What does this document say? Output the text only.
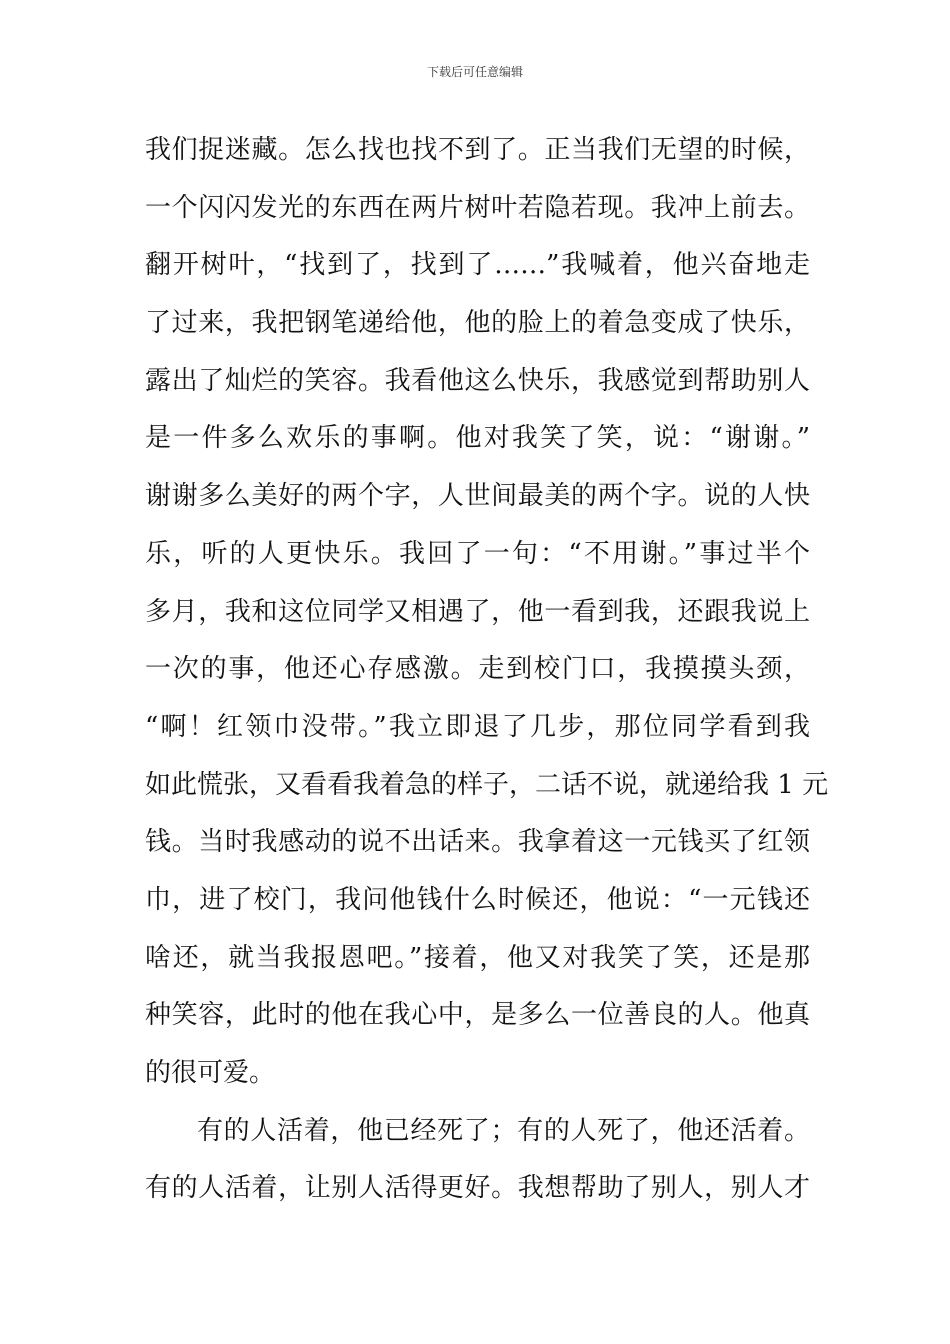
下载后可任意编辑
我们捉迷藏。怎么找也找不到了。正当我们无望的时候，
一个闪闪发光的东西在两片树叶若隐若现。我冲上前去。
翻开树叶，“找到了，找到了……”我喊着，他兴奋地走
了过来，我把钢笔递给他，他的脸上的着急变成了快乐，
露出了灿烂的笑容。我看他这么快乐，我感觉到帮助别人
是一件多么欢乐的事啊。他对我笑了笑，说：“谢谢。”
谢谢多么美好的两个字，人世间最美的两个字。说的人快
乐，听的人更快乐。我回了一句：“不用谢。”事过半个
多月，我和这位同学又相遇了，他一看到我，还跟我说上
一次的事，他还心存感激。走到校门口，我摸摸头颈，
“啊！红领巾没带。”我立即退了几步，那位同学看到我
如此慌张，又看看我着急的样子，二话不说，就递给我 1 元
钱。当时我感动的说不出话来。我拿着这一元钱买了红领
巾，进了校门，我问他钱什么时候还，他说：“一元钱还
啥还，就当我报恩吧。”接着，他又对我笑了笑，还是那
种笑容，此时的他在我心中，是多么一位善良的人。他真
的很可爱。
有的人活着，他已经死了；有的人死了，他还活着。
有的人活着，让别人活得更好。我想帮助了别人，别人才
